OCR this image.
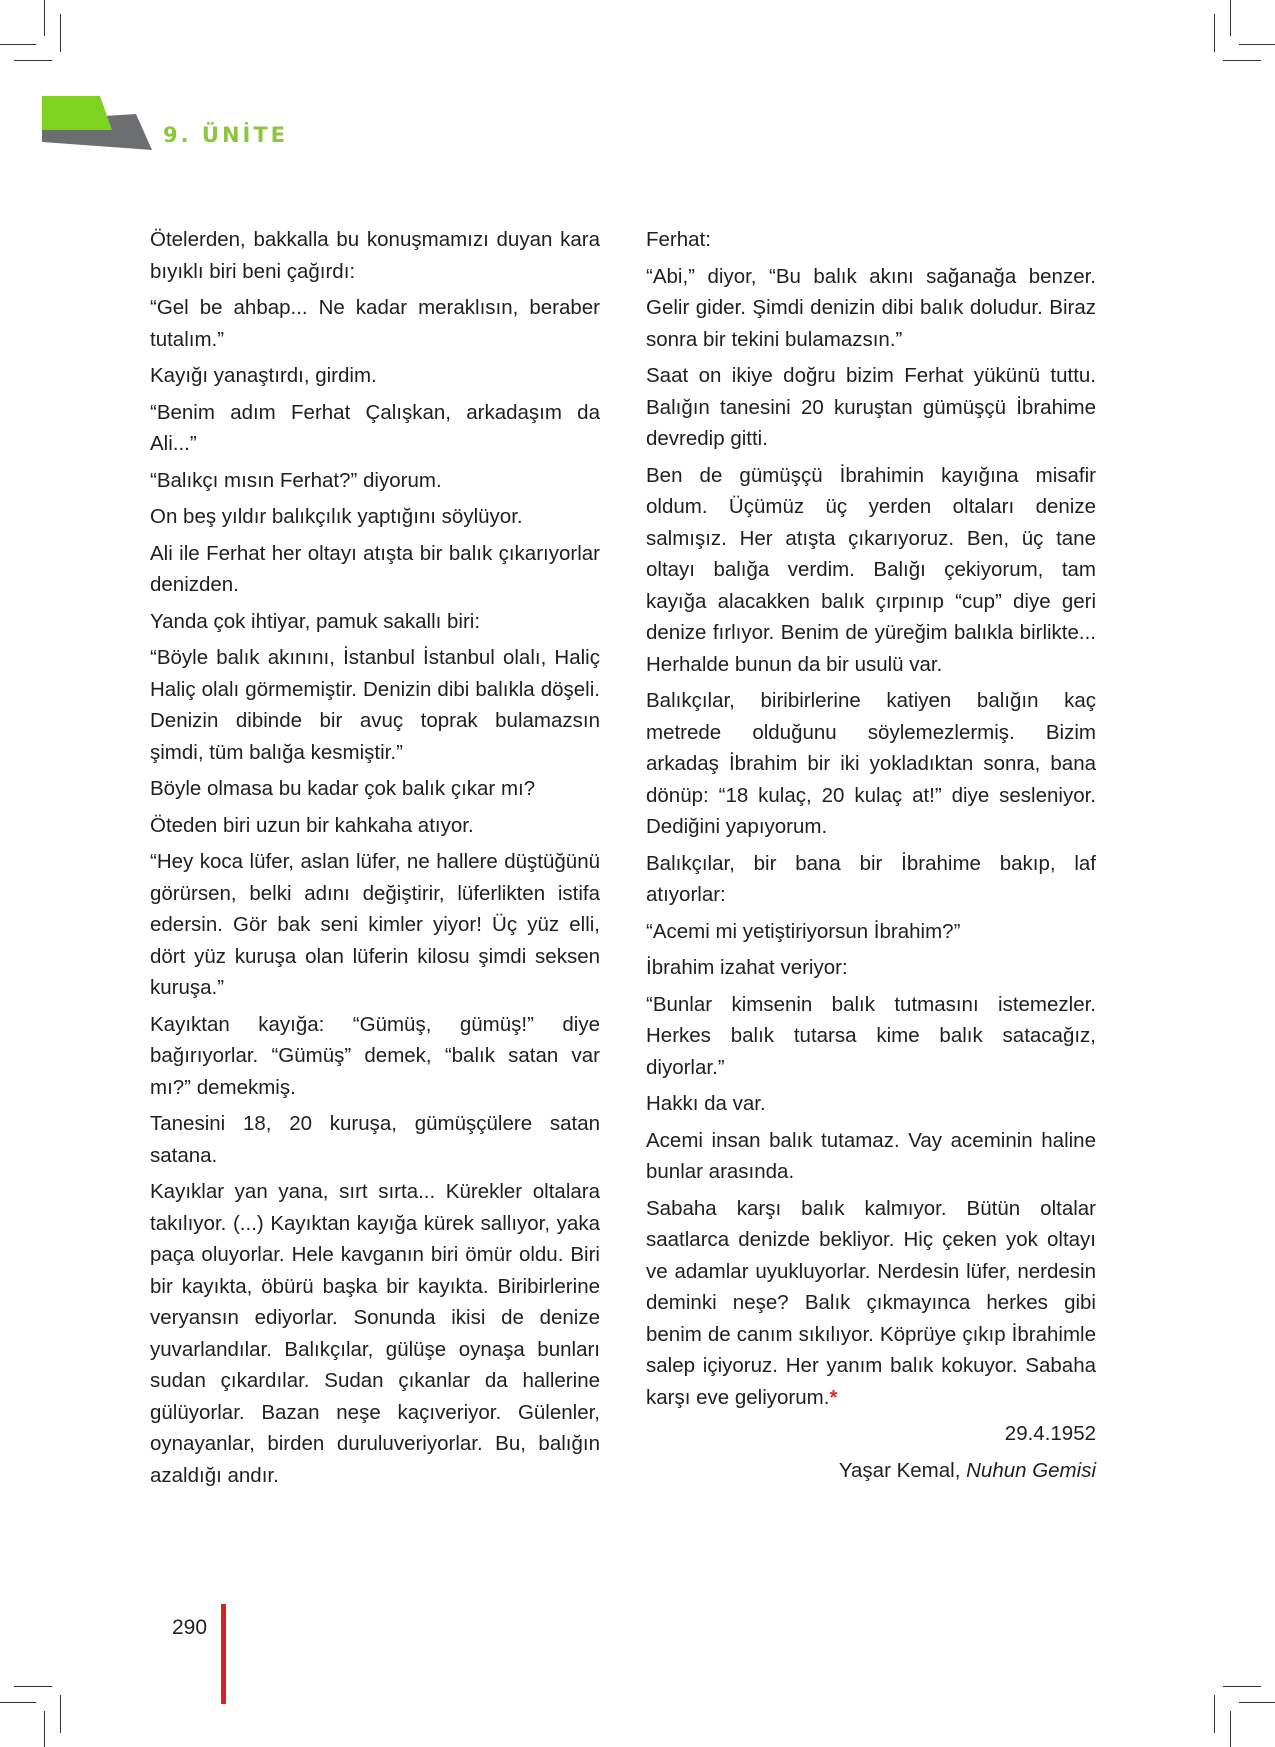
9. ÜNİTE

Ötelerden, bakkalla bu konuşmamızı duyan kara bıyıklı biri beni çağırdı:

“Gel be ahbap... Ne kadar meraklısın, beraber tutalım.”

Kayığı yanaştırdı, girdim.

“Benim adım Ferhat Çalışkan, arkadaşım da Ali...”

“Balıkçı mısın Ferhat?” diyorum.

On beş yıldır balıkçılık yaptığını söylüyor.

Ali ile Ferhat her oltayı atışta bir balık çıkarıyorlar denizden.

Yanda çok ihtiyar, pamuk sakallı biri:

“Böyle balık akınını, İstanbul İstanbul olalı, Haliç Haliç olalı görmemiştir. Denizin dibi balıkla döşeli. Denizin dibinde bir avuç toprak bulamazsın şimdi, tüm balığa kesmiştir.”

Böyle olmasa bu kadar çok balık çıkar mı?

Öteden biri uzun bir kahkaha atıyor.

“Hey koca lüfer, aslan lüfer, ne hallere düştüğünü görürsen, belki adını değiştirir, lüferlikten istifa edersin. Gör bak seni kimler yiyor! Üç yüz elli, dört yüz kuruşa olan lüferin kilosu şimdi seksen kuruşa.”

Kayıktan kayığa: “Gümüş, gümüş!” diye bağırıyorlar. “Gümüş” demek, “balık satan var mı?” demekmiş.

Tanesini 18, 20 kuruşa, gümüşçülere satan satana.

Kayıklar yan yana, sırt sırta... Kürekler oltalara takılıyor. (...) Kayıktan kayığa kürek sallıyor, yaka paça oluyorlar. Hele kavganın biri ömür oldu. Biri bir kayıkta, öbürü başka bir kayıkta. Biribirlerine veryansın ediyorlar. Sonunda ikisi de denize yuvarlandılar. Balıkçılar, gülüşe oynaşa bunları sudan çıkardılar. Sudan çıkanlar da hallerine gülüyorlar. Bazan neşe kaçıveriyor. Gülenler, oynayanlar, birden duruluveriyorlar. Bu, balığın azaldığı andır.

Ferhat:

“Abi,” diyor, “Bu balık akını sağanağa benzer. Gelir gider. Şimdi denizin dibi balık doludur. Biraz sonra bir tekini bulamazsın.”

Saat on ikiye doğru bizim Ferhat yükünü tuttu. Balığın tanesini 20 kuruştan gümüşçü İbrahime devredip gitti.

Ben de gümüşçü İbrahimin kayığına misafir oldum. Üçümüz üç yerden oltaları denize salmışız. Her atışta çıkarıyoruz. Ben, üç tane oltayı balığa verdim. Balığı çekiyorum, tam kayığa alacakken balık çırpınıp “cup” diye geri denize fırlıyor. Benim de yüreğim balıkla birlikte... Herhalde bunun da bir usulü var.

Balıkçılar, biribirlerine katiyen balığın kaç metrede olduğunu söylemezlermiş. Bizim arkadaş İbrahim bir iki yokladıktan sonra, bana dönüp: “18 kulaç, 20 kulaç at!” diye sesleniyor. Dediğini yapıyorum.

Balıkçılar, bir bana bir İbrahime bakıp, laf atıyorlar:

“Acemi mi yetiştiriyorsun İbrahim?”

İbrahim izahat veriyor:

“Bunlar kimsenin balık tutmasını istemezler. Herkes balık tutarsa kime balık satacağız, diyorlar.”

Hakkı da var.

Acemi insan balık tutamaz. Vay aceminin haline bunlar arasında.

Sabaha karşı balık kalmıyor. Bütün oltalar saatlarca denizde bekliyor. Hiç çeken yok oltayı ve adamlar uyukluyorlar. Nerdesin lüfer, nerdesin deminki neşe? Balık çıkmayınca herkes gibi benim de canım sıkılıyor. Köprüye çıkıp İbrahimle salep içiyoruz. Her yanım balık kokuyor. Sabaha karşı eve geliyorum.*

29.4.1952

Yaşar Kemal, Nuhun Gemisi

290
